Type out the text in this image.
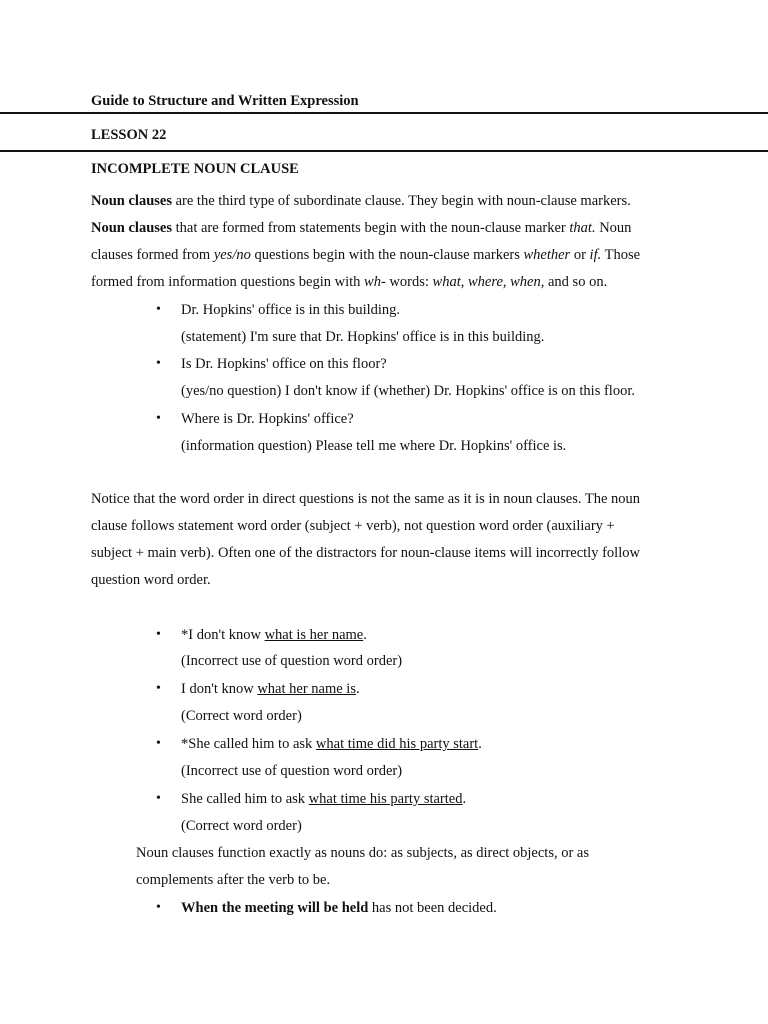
Guide to Structure and Written Expression
LESSON 22
INCOMPLETE NOUN CLAUSE
Noun clauses are the third type of subordinate clause. They begin with noun-clause markers.
Noun clauses that are formed from statements begin with the noun-clause marker that. Noun
clauses formed from yes/no questions begin with the noun-clause markers whether or if. Those
formed from information questions begin with wh- words: what, where, when, and so on.
• Dr. Hopkins' office is in this building.
(statement) I'm sure that Dr. Hopkins' office is in this building.
• Is Dr. Hopkins' office on this floor?
(yes/no question) I don't know if (whether) Dr. Hopkins' office is on this floor.
• Where is Dr. Hopkins' office?
(information question) Please tell me where Dr. Hopkins' office is.
Notice that the word order in direct questions is not the same as it is in noun clauses. The noun
clause follows statement word order (subject + verb), not question word order (auxiliary +
subject + main verb). Often one of the distractors for noun-clause items will incorrectly follow
question word order.
• *I don't know what is her name.
(Incorrect use of question word order)
• I don't know what her name is.
(Correct word order)
• *She called him to ask what time did his party start.
(Incorrect use of question word order)
• She called him to ask what time his party started.
(Correct word order)
Noun clauses function exactly as nouns do: as subjects, as direct objects, or as
complements after the verb to be.
• When the meeting will be held has not been decided.
